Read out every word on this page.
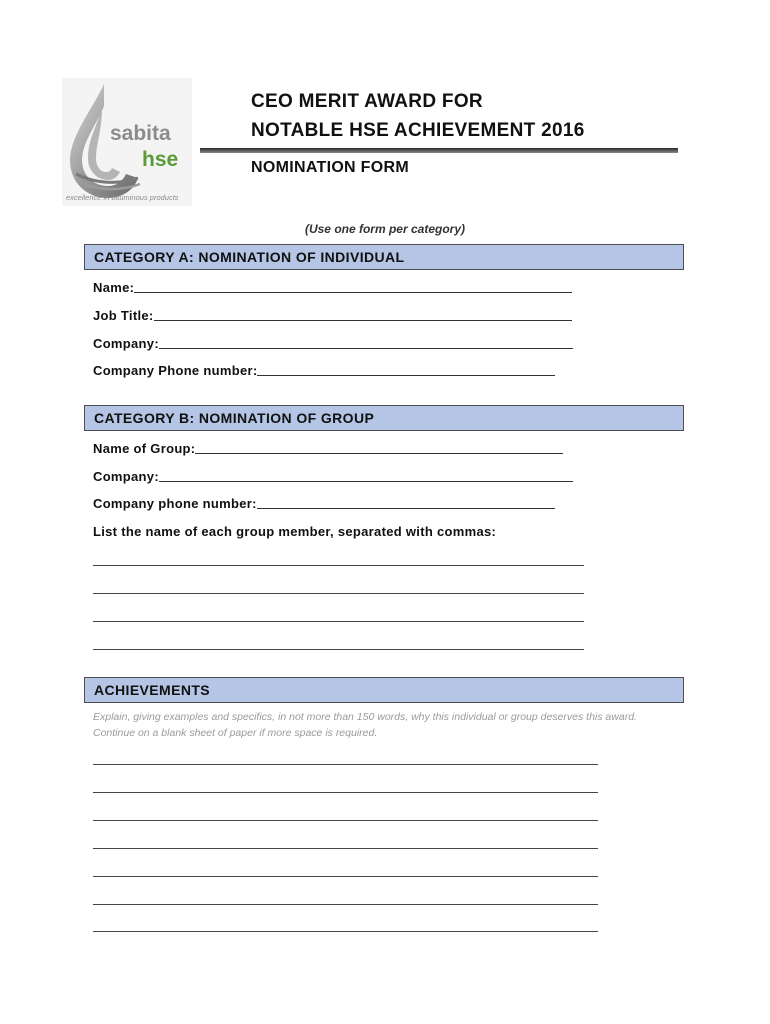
sabita
hse
excellence in bituminous products
CEO MERIT AWARD FOR
NOTABLE HSE ACHIEVEMENT 2016
NOMINATION FORM
(Use one form per category)
CATEGORY A: NOMINATION OF INDIVIDUAL
Name:
Job Title:
Company:
Company Phone number:
CATEGORY B: NOMINATION OF GROUP
Name of Group:
Company:
Company phone number:
List the name of each group member, separated with commas:
ACHIEVEMENTS
Explain, giving examples and specifics, in not more than 150 words, why this individual or group deserves this award.
Continue on a blank sheet of paper if more space is required.
